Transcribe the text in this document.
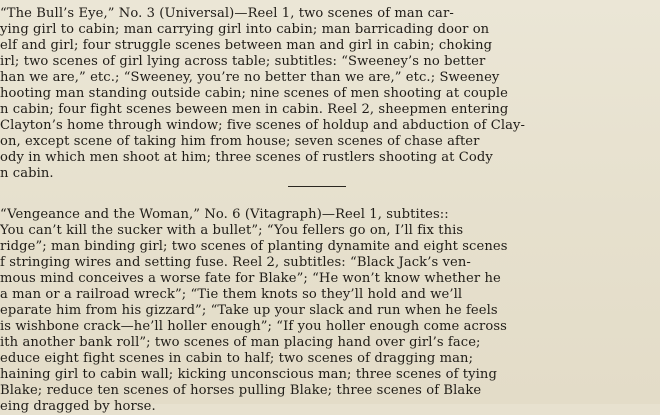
“The Bull’s Eye,” No. 3 (Universal)—Reel 1, two scenes of man car-
ying girl to cabin; man carrying girl into cabin; man barricading door on
elf and girl; four struggle scenes between man and girl in cabin; choking
irl; two scenes of girl lying across table; subtitles: “Sweeney’s no better
han we are,” etc.; “Sweeney, you’re no better than we are,” etc.; Sweeney
hooting man standing outside cabin; nine scenes of men shooting at couple
n cabin; four fight scenes beween men in cabin. Reel 2, sheepmen entering
Clayton’s home through window; five scenes of holdup and abduction of Clay-
on, except scene of taking him from house; seven scenes of chase after
ody in which men shoot at him; three scenes of rustlers shooting at Cody
n cabin.
“Vengeance and the Woman,” No. 6 (Vitagraph)—Reel 1, subtites::
You can’t kill the sucker with a bullet”; “You fellers go on, I’ll fix this
ridge”; man binding girl; two scenes of planting dynamite and eight scenes
f stringing wires and setting fuse. Reel 2, subtitles: “Black Jack’s ven-
mous mind conceives a worse fate for Blake”; “He won’t know whether he
a man or a railroad wreck”; “Tie them knots so they’ll hold and we’ll
eparate him from his gizzard”; “Take up your slack and run when he feels
is wishbone crack—he’ll holler enough”; “If you holler enough come across
ith another bank roll”; two scenes of man placing hand over girl’s face;
educe eight fight scenes in cabin to half; two scenes of dragging man;
haining girl to cabin wall; kicking unconscious man; three scenes of tying
Blake; reduce ten scenes of horses pulling Blake; three scenes of Blake
eing dragged by horse.
